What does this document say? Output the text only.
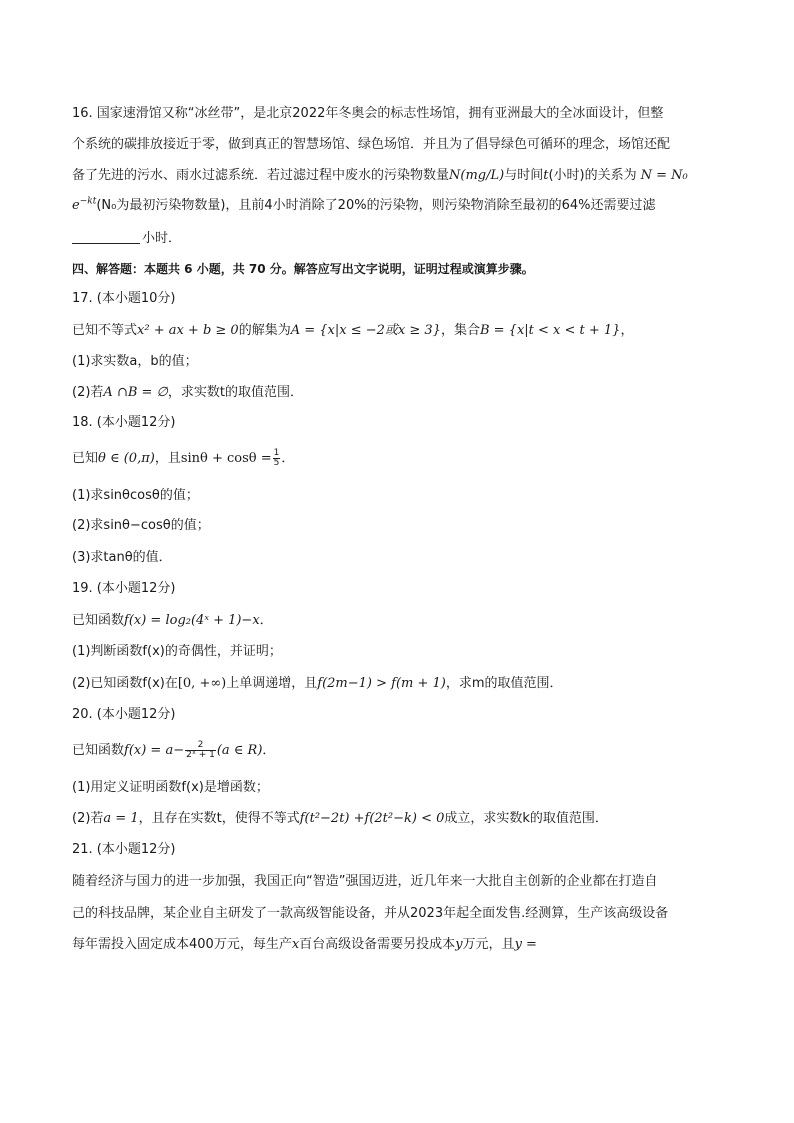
16. 国家速滑馆又称“冰丝带”，是北京2022年冬奥会的标志性场馆，拥有亚洲最大的全冰面设计，但整
个系统的碳排放接近于零，做到真正的智慧场馆、绿色场馆．并且为了倡导绿色可循环的理念，场馆还配
备了先进的污水、雨水过滤系统．若过滤过程中废水的污染物数量N(mg/L)与时间t(小时)的关系为 N = N₀
$e^{-kt}(N_0$为最初污染物数量)，且前4小时消除了20%的污染物，则污染物消除至最初的64%还需要过滤
小时．
四、解答题：本题共 6 小题，共 70 分。解答应写出文字说明，证明过程或演算步骤。
17. (本小题10分)
已知不等式x² + ax + b ≥ 0的解集为A = {x|x ≤ −2或x ≥ 3}，集合B = {x|t < x < t + 1}，
(1)求实数a，b的值；
(2)若A ∩B = ∅，求实数t的取值范围．
18. (本小题12分)
已知θ ∈ (0,π)，且$\sin\theta + \cos\theta = \frac{1}{5}$ ．
(1)求sinθcosθ的值；
(2)求sinθ−cosθ的值；
(3)求tanθ的值．
19. (本小题12分)
已知函数f(x) = log₂(4ˣ + 1)−x．
(1)判断函数f(x)的奇偶性，并证明；
(2)已知函数f(x)在[0, +∞)上单调递增，且f(2m−1) > f(m + 1)，求m的取值范围．
20. (本小题12分)
已知函数$f(x) = a- \frac{2}{\text{2ˣ + 1}} (a$ ∈ R)．
(1)用定义证明函数f(x)是增函数；
(2)若a = 1，且存在实数t，使得不等式f(t²−2t) +f(2t²−k) < 0成立，求实数k的取值范围．
21. (本小题12分)
随着经济与国力的进一步加强，我国正向“智造”强国迈进，近几年来一大批自主创新的企业都在打造自
己的科技品牌，某企业自主研发了一款高级智能设备，并从2023年起全面发售.经测算，生产该高级设备
每年需投入固定成本400万元，每生产x百台高级设备需要另投成本y万元，且y =
